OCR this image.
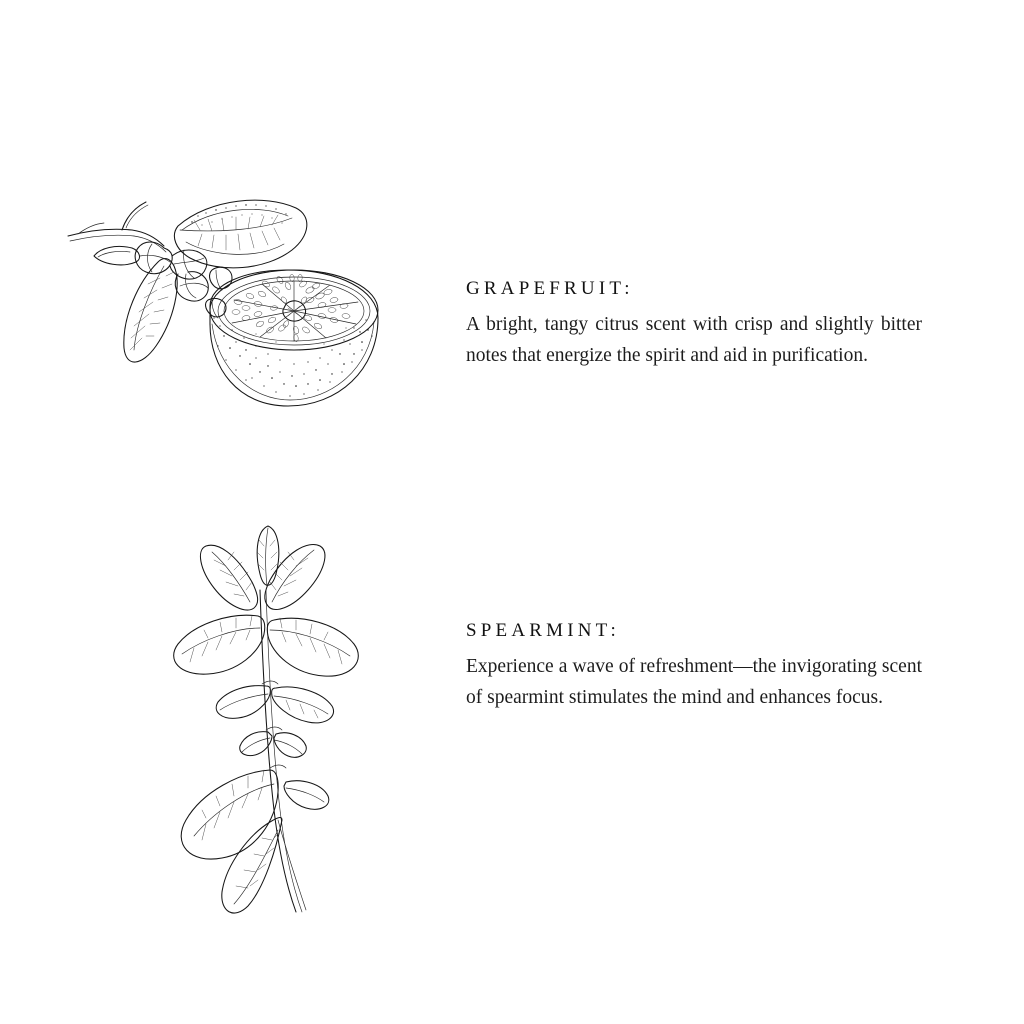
GRAPEFRUIT:

A bright, tangy citrus scent with crisp and slightly bitter notes that energize the spirit and aid in purification.

SPEARMINT:

Experience a wave of refreshment—the invigorating scent of spearmint stimulates the mind and enhances focus.
